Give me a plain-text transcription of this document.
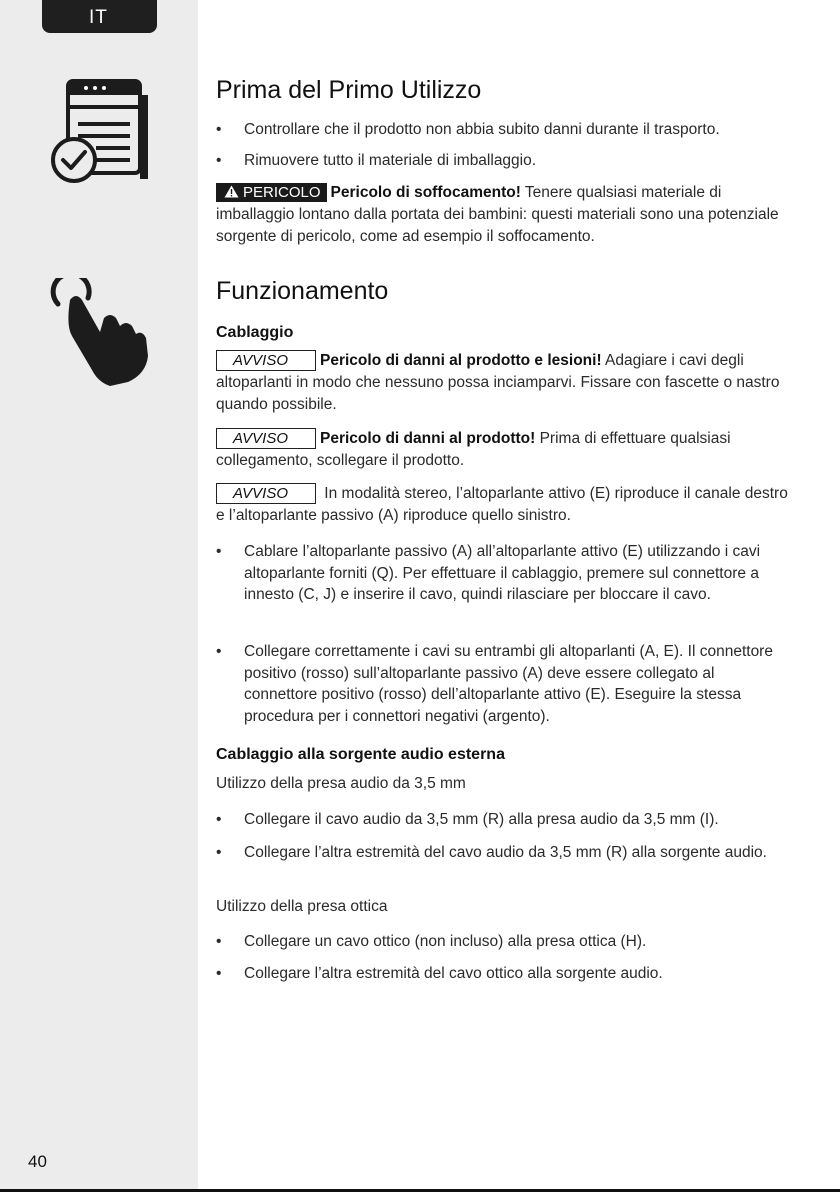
IT
Prima del Primo Utilizzo
•	Controllare che il prodotto non abbia subito danni durante il trasporto.
•	Rimuovere tutto il materiale di imballaggio.

PERICOLO Pericolo di soffocamento! Tenere qualsiasi materiale di imballaggio lontano dalla portata dei bambini: questi materiali sono una potenziale sorgente di pericolo, come ad esempio il soffocamento.

Funzionamento
Cablaggio

AVVISO Pericolo di danni al prodotto e lesioni! Adagiare i cavi degli altoparlanti in modo che nessuno possa inciamparvi. Fissare con fascette o nastro quando possibile.

AVVISO Pericolo di danni al prodotto! Prima di effettuare qualsiasi collegamento, scollegare il prodotto.

AVVISO In modalità stereo, l’altoparlante attivo (E) riproduce il canale destro e l’altoparlante passivo (A) riproduce quello sinistro.

•	Cablare l’altoparlante passivo (A) all’altoparlante attivo (E) utilizzando i cavi altoparlante forniti (Q). Per effettuare il cablaggio, premere sul connettore a innesto (C, J) e inserire il cavo, quindi rilasciare per bloccare il cavo.
•	Collegare correttamente i cavi su entrambi gli altoparlanti (A, E). Il connettore positivo (rosso) sull’altoparlante passivo (A) deve essere collegato al connettore positivo (rosso) dell’altoparlante attivo (E). Eseguire la stessa procedura per i connettori negativi (argento).
Cablaggio alla sorgente audio esterna

Utilizzo della presa audio da 3,5 mm

•	Collegare il cavo audio da 3,5 mm (R) alla presa audio da 3,5 mm (I).
•	Collegare l’altra estremità del cavo audio da 3,5 mm (R) alla sorgente audio.

Utilizzo della presa ottica

•	Collegare un cavo ottico (non incluso) alla presa ottica (H).
•	Collegare l’altra estremità del cavo ottico alla sorgente audio.
40
